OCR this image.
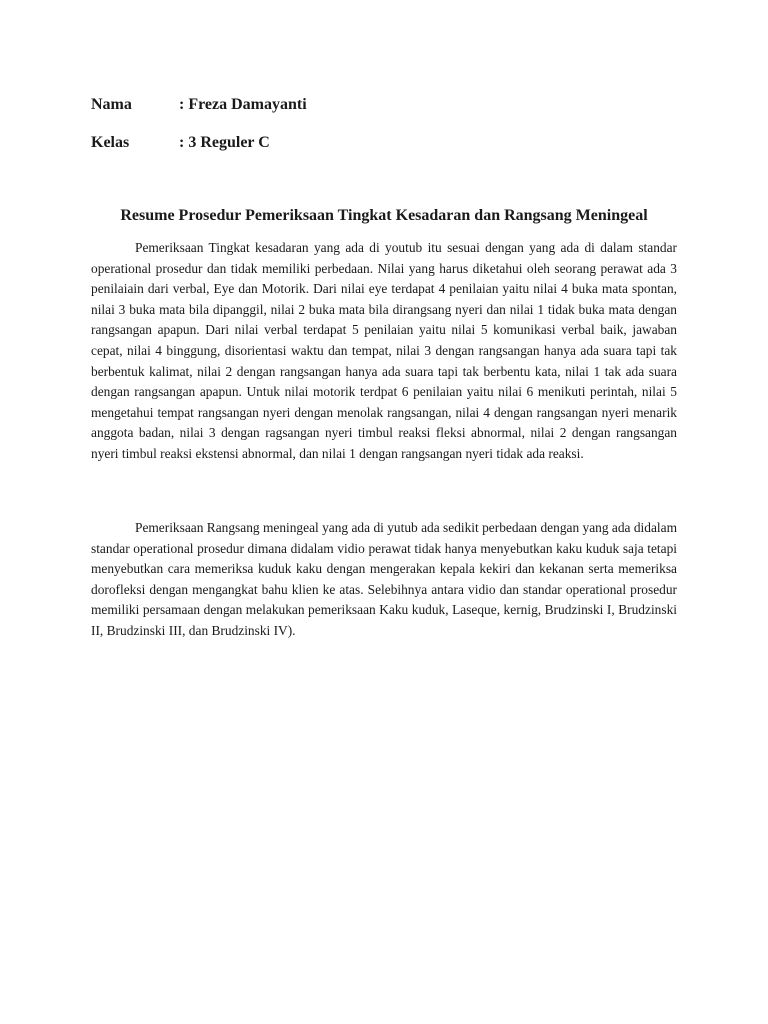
Nama	: Freza Damayanti
Kelas	: 3 Reguler C
Resume Prosedur Pemeriksaan Tingkat Kesadaran dan Rangsang Meningeal

Pemeriksaan Tingkat kesadaran yang ada di youtub itu sesuai dengan yang ada di dalam standar operational prosedur dan tidak memiliki perbedaan. Nilai yang harus diketahui oleh seorang perawat ada 3 penilaiain dari verbal, Eye dan Motorik. Dari nilai eye terdapat 4 penilaian yaitu nilai 4 buka mata spontan, nilai 3 buka mata bila dipanggil, nilai 2 buka mata bila dirangsang nyeri dan nilai 1 tidak buka mata dengan rangsangan apapun. Dari nilai verbal terdapat 5 penilaian yaitu nilai 5 komunikasi verbal baik, jawaban cepat, nilai 4 binggung, disorientasi waktu dan tempat, nilai 3 dengan rangsangan hanya ada suara tapi tak berbentuk kalimat, nilai 2 dengan rangsangan hanya ada suara tapi tak berbentu kata, nilai 1 tak ada suara dengan rangsangan apapun. Untuk nilai motorik terdpat 6 penilaian yaitu nilai 6 menikuti perintah, nilai 5 mengetahui tempat rangsangan nyeri dengan menolak rangsangan, nilai 4 dengan rangsangan nyeri menarik anggota badan, nilai 3 dengan ragsangan nyeri timbul reaksi fleksi abnormal, nilai 2 dengan rangsangan nyeri timbul reaksi ekstensi abnormal, dan nilai 1 dengan rangsangan nyeri tidak ada reaksi.

Pemeriksaan Rangsang meningeal yang ada di yutub ada sedikit perbedaan dengan yang ada didalam standar operational prosedur dimana didalam vidio perawat tidak hanya menyebutkan kaku kuduk saja tetapi menyebutkan cara memeriksa kuduk kaku dengan mengerakan kepala kekiri dan kekanan serta memeriksa dorofleksi dengan mengangkat bahu klien ke atas. Selebihnya antara vidio dan standar operational prosedur memiliki persamaan dengan melakukan pemeriksaan Kaku kuduk, Laseque, kernig, Brudzinski I, Brudzinski II, Brudzinski III, dan Brudzinski IV).
